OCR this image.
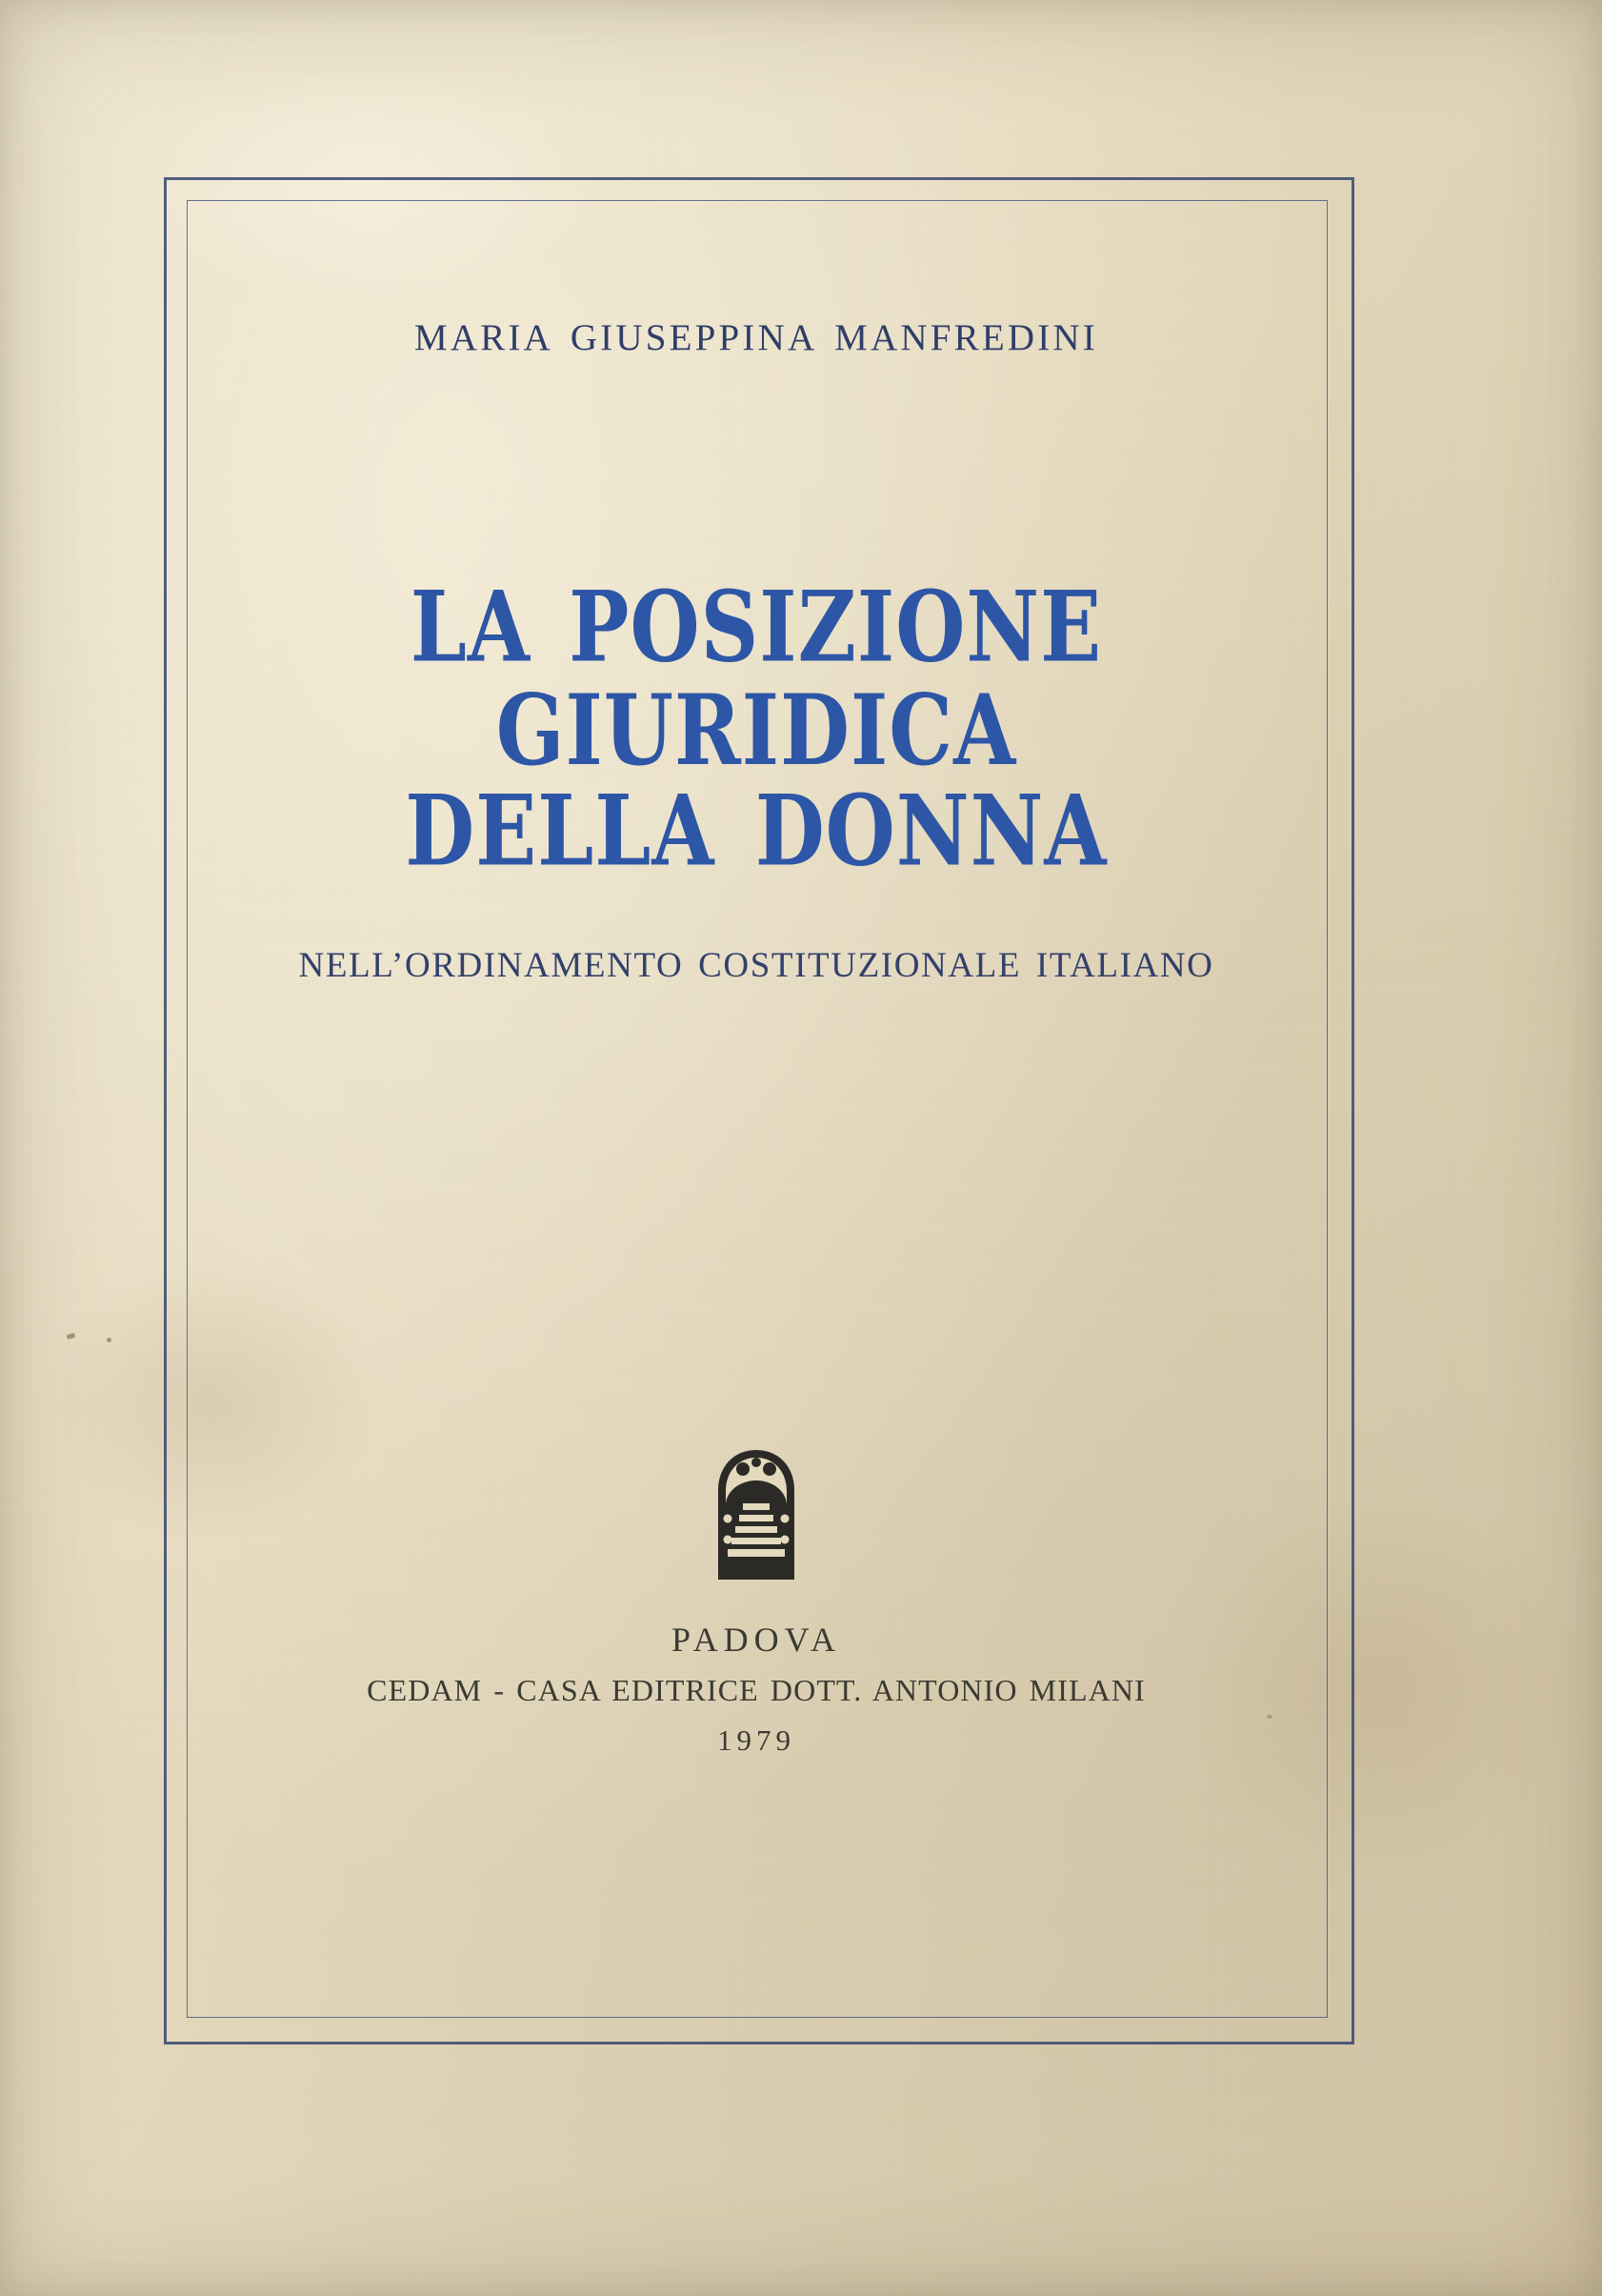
MARIA GIUSEPPINA MANFREDINI
LA POSIZIONE GIURIDICA
DELLA DONNA
NELL’ORDINAMENTO COSTITUZIONALE ITALIANO
PADOVA
CEDAM - CASA EDITRICE DOTT. ANTONIO MILANI
1979
